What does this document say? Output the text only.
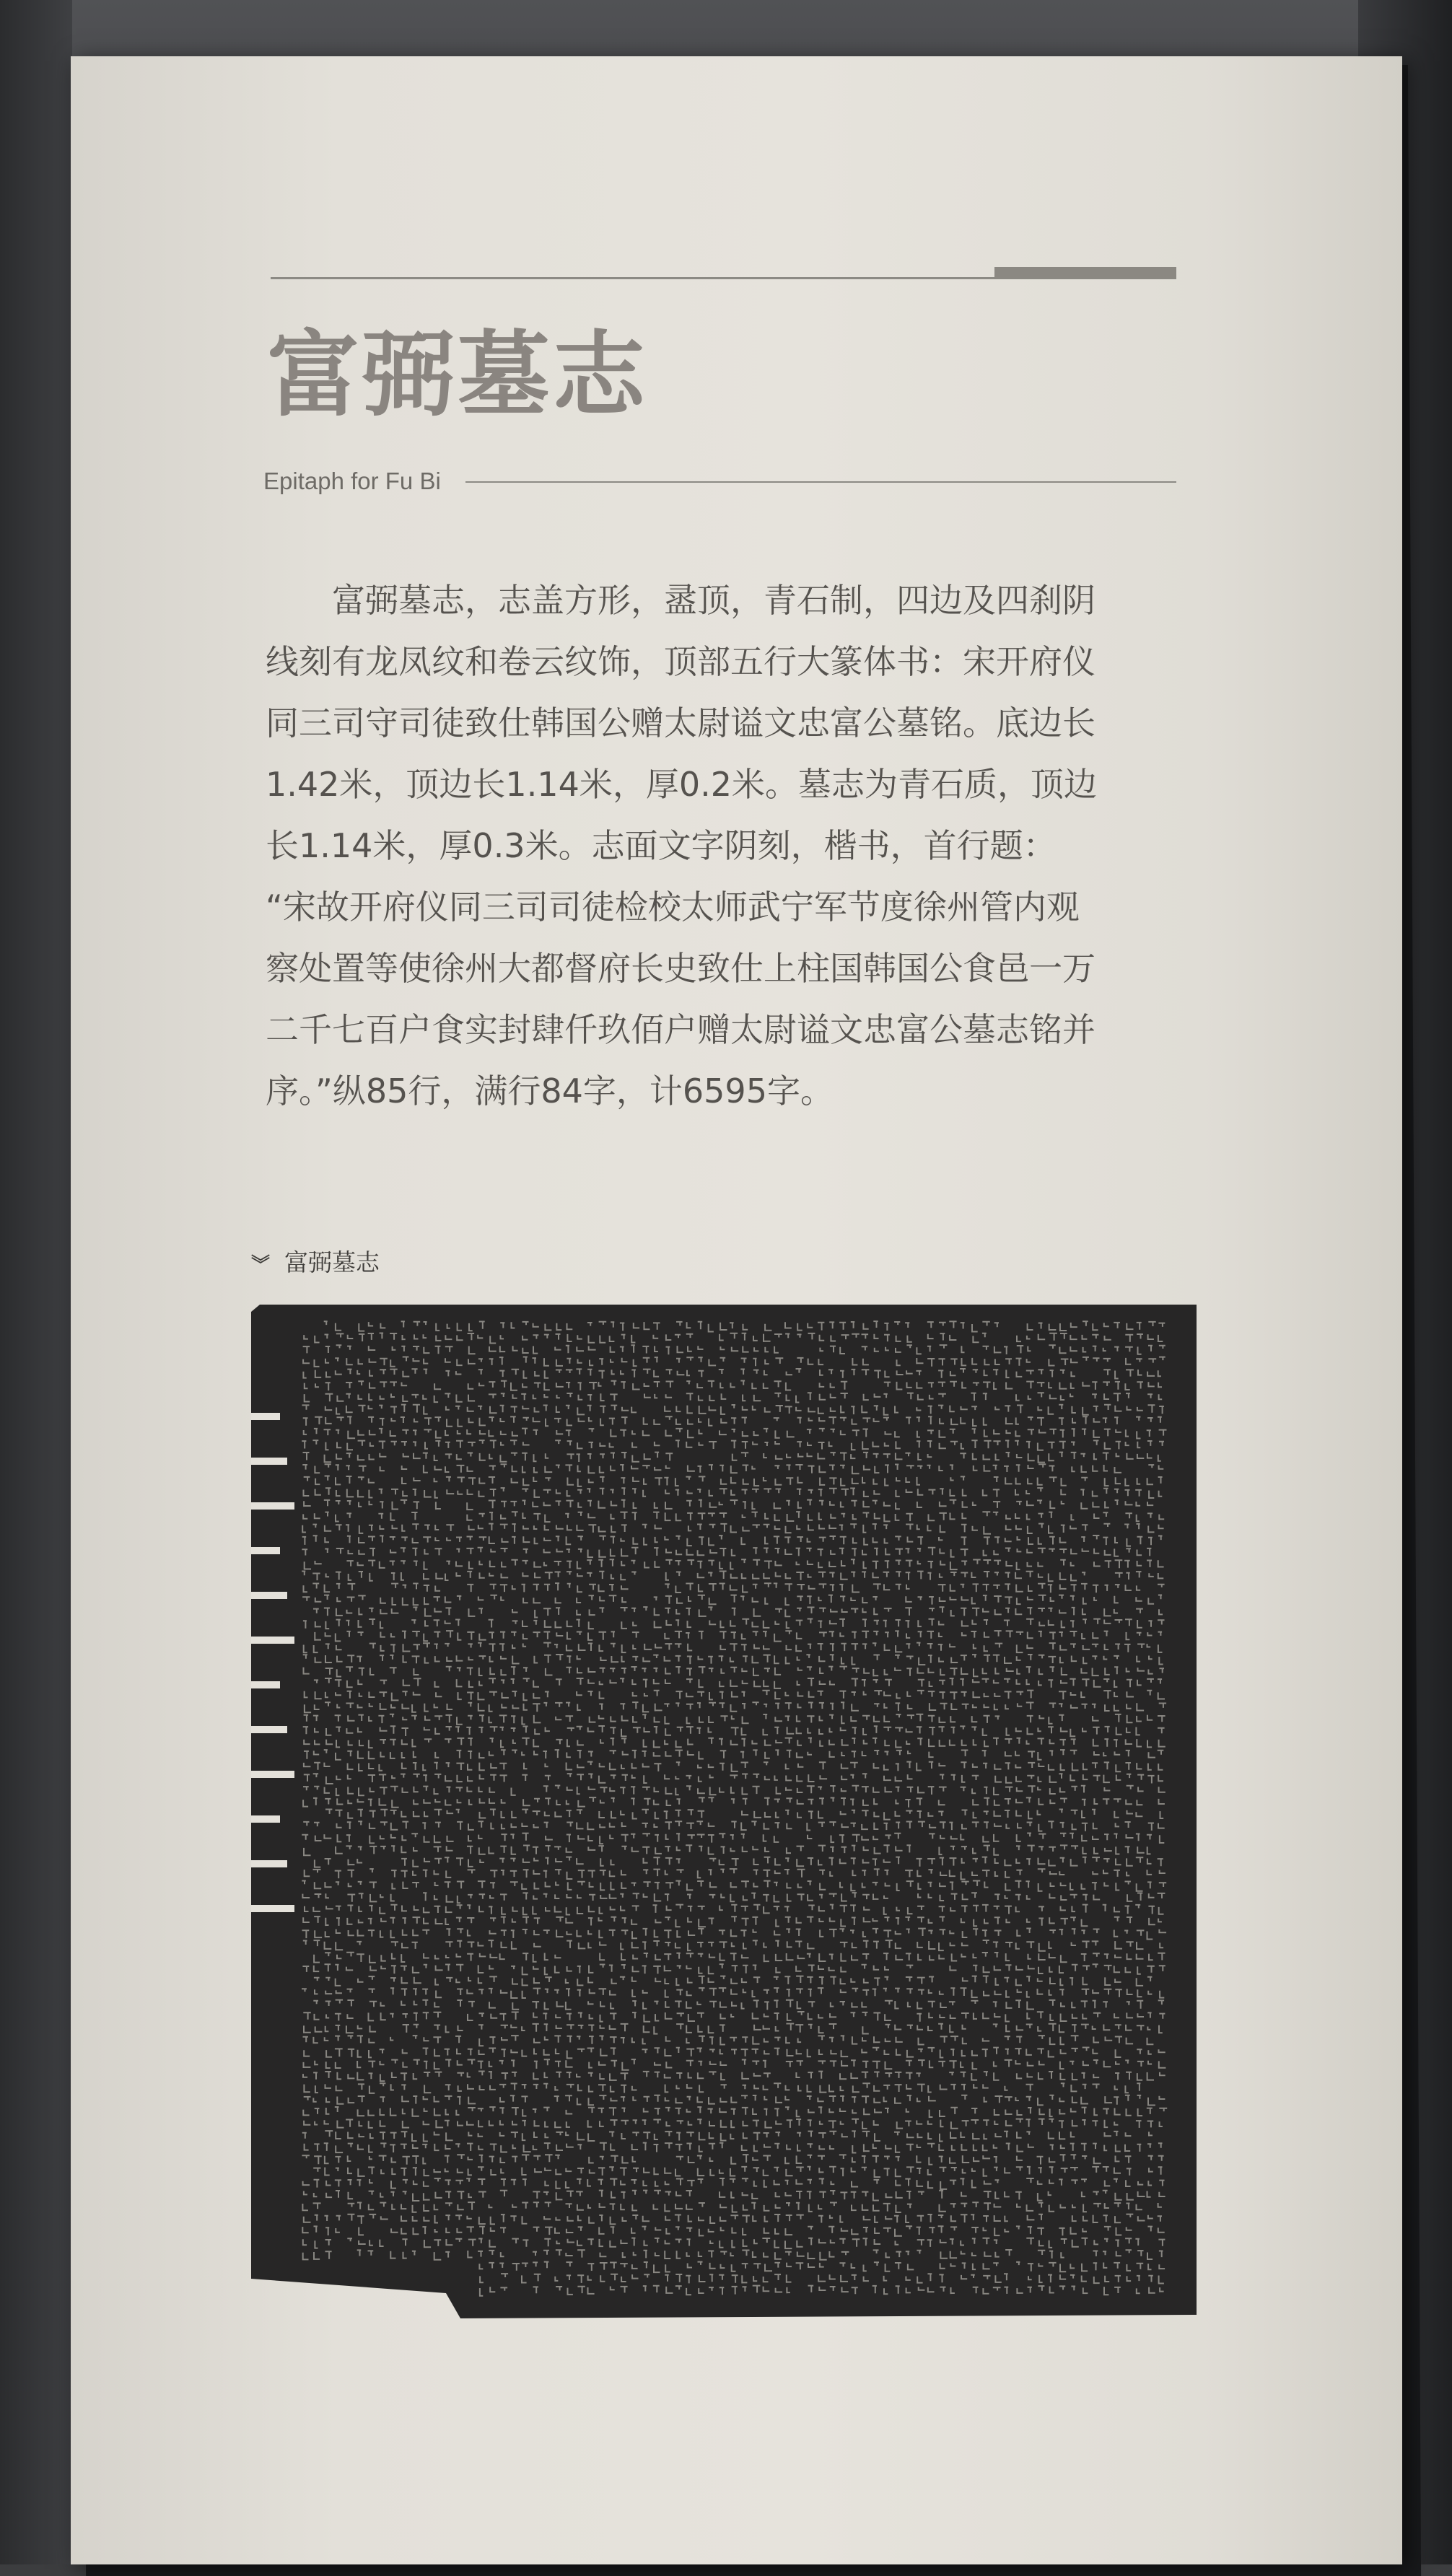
富弼墓志
Epitaph for Fu Bi
　　富弼墓志，志盖方形，盝顶，青石制，四边及四刹阴
线刻有龙凤纹和卷云纹饰，顶部五行大篆体书：宋开府仪
同三司守司徒致仕韩国公赠太尉谥文忠富公墓铭。底边长
1.42米，顶边长1.14米，厚0.2米。墓志为青石质，顶边
长1.14米，厚0.3米。志面文字阴刻，楷书，首行题：
“宋故开府仪同三司司徒检校太师武宁军节度徐州管内观
察处置等使徐州大都督府长史致仕上柱国韩国公食邑一万
二千七百户食实封肆仟玖佰户赠太尉谥文忠富公墓志铭并
序。”纵85行，满行84字，计6595字。
︾ 富弼墓志
